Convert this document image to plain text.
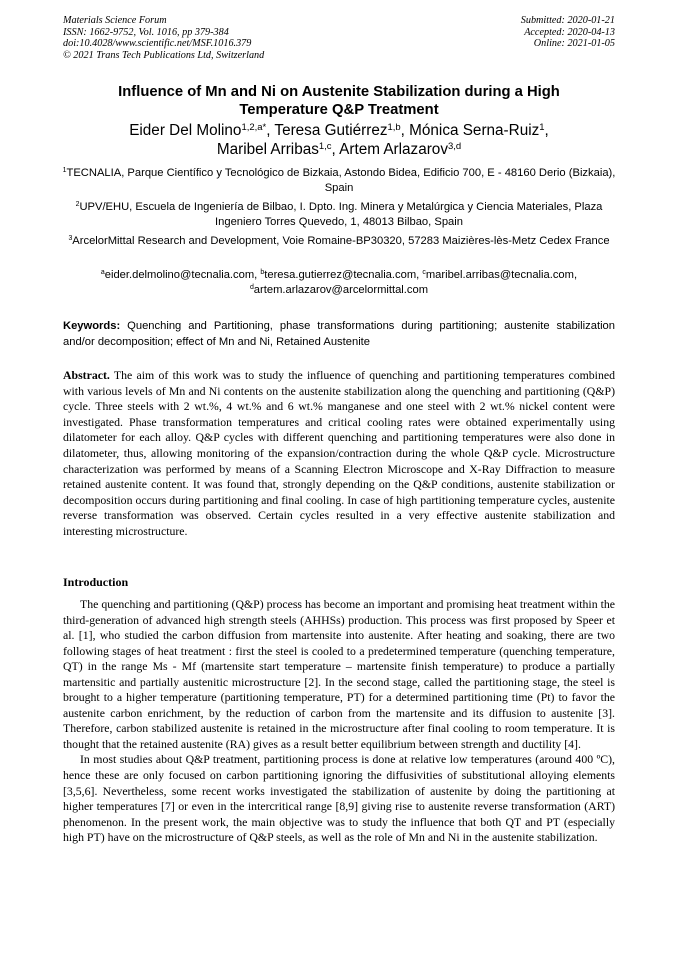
Materials Science Forum
ISSN: 1662-9752, Vol. 1016, pp 379-384
doi:10.4028/www.scientific.net/MSF.1016.379
© 2021 Trans Tech Publications Ltd, Switzerland
Submitted: 2020-01-21
Accepted: 2020-04-13
Online: 2021-01-05
Influence of Mn and Ni on Austenite Stabilization during a High
Temperature Q&P Treatment
Eider Del Molino$^{1,2,a*}$, Teresa Gutiérrez$^{1,b}$, Mónica Serna-Ruiz$^1$,
Maribel Arribas$^{1,c}$, Artem Arlazarov$^{3,d}$
$^1$TECNALIA, Parque Científico y Tecnológico de Bizkaia, Astondo Bidea, Edificio 700, E - 48160 Derio (Bizkaia), Spain
$^2$UPV/EHU, Escuela de Ingeniería de Bilbao, I. Dpto. Ing. Minera y Metalúrgica y Ciencia Materiales, Plaza Ingeniero Torres Quevedo, 1, 48013 Bilbao, Spain
$^3$ArcelorMittal Research and Development, Voie Romaine-BP30320, 57283 Maizières-lès-Metz Cedex France
$^a$eider.delmolino@tecnalia.com, $^b$teresa.gutierrez@tecnalia.com, $^c$maribel.arribas@tecnalia.com,
$^d$artem.arlazarov@arcelormittal.com
Keywords: Quenching and Partitioning, phase transformations during partitioning; austenite stabilization and/or decomposition; effect of Mn and Ni, Retained Austenite
Abstract. The aim of this work was to study the influence of quenching and partitioning temperatures combined with various levels of Mn and Ni contents on the austenite stabilization along the quenching and partitioning (Q&P) cycle. Three steels with 2 wt.%, 4 wt.% and 6 wt.% manganese and one steel with 2 wt.% nickel content were investigated. Phase transformation temperatures and critical cooling rates were obtained experimentally using dilatometer for each alloy. Q&P cycles with different quenching and partitioning temperatures were also done in dilatometer, thus, allowing monitoring of the expansion/contraction during the whole Q&P cycle. Microstructure characterization was performed by means of a Scanning Electron Microscope and X-Ray Diffraction to measure retained austenite content. It was found that, strongly depending on the Q&P conditions, austenite stabilization or decomposition occurs during partitioning and final cooling. In case of high partitioning temperature cycles, austenite reverse transformation was observed. Certain cycles resulted in a very effective austenite stabilization and interesting microstructure.
Introduction

The quenching and partitioning (Q&P) process has become an important and promising heat treatment within the third-generation of advanced high strength steels (AHHSs) production. This process was first proposed by Speer et al. [1], who studied the carbon diffusion from martensite into austenite. After heating and soaking, there are two following stages of heat treatment : first the steel is cooled to a predetermined temperature (quenching temperature, QT) in the range Ms - Mf (martensite start temperature – martensite finish temperature) to produce a partially martensitic and partially austenitic microstructure [2]. In the second stage, called the partitioning stage, the steel is brought to a higher temperature (partitioning temperature, PT) for a determined partitioning time (Pt) to favor the austenite carbon enrichment, by the reduction of carbon from the martensite and its diffusion to austenite [3]. Therefore, carbon stabilized austenite is retained in the microstructure after final cooling to room temperature. It is thought that the retained austenite (RA) gives as a result better equilibrium between strength and ductility [4].

In most studies about Q&P treatment, partitioning process is done at relative low temperatures (around 400 ºC), hence these are only focused on carbon partitioning ignoring the diffusivities of substitutional alloying elements [3,5,6]. Nevertheless, some recent works investigated the stabilization of austenite by doing the partitioning at higher temperatures [7] or even in the intercritical range [8,9] giving rise to austenite reverse transformation (ART) phenomenon. In the present work, the main objective was to study the influence that both QT and PT (especially high PT) have on the microstructure of Q&P steels, as well as the role of Mn and Ni in the austenite stabilization.
